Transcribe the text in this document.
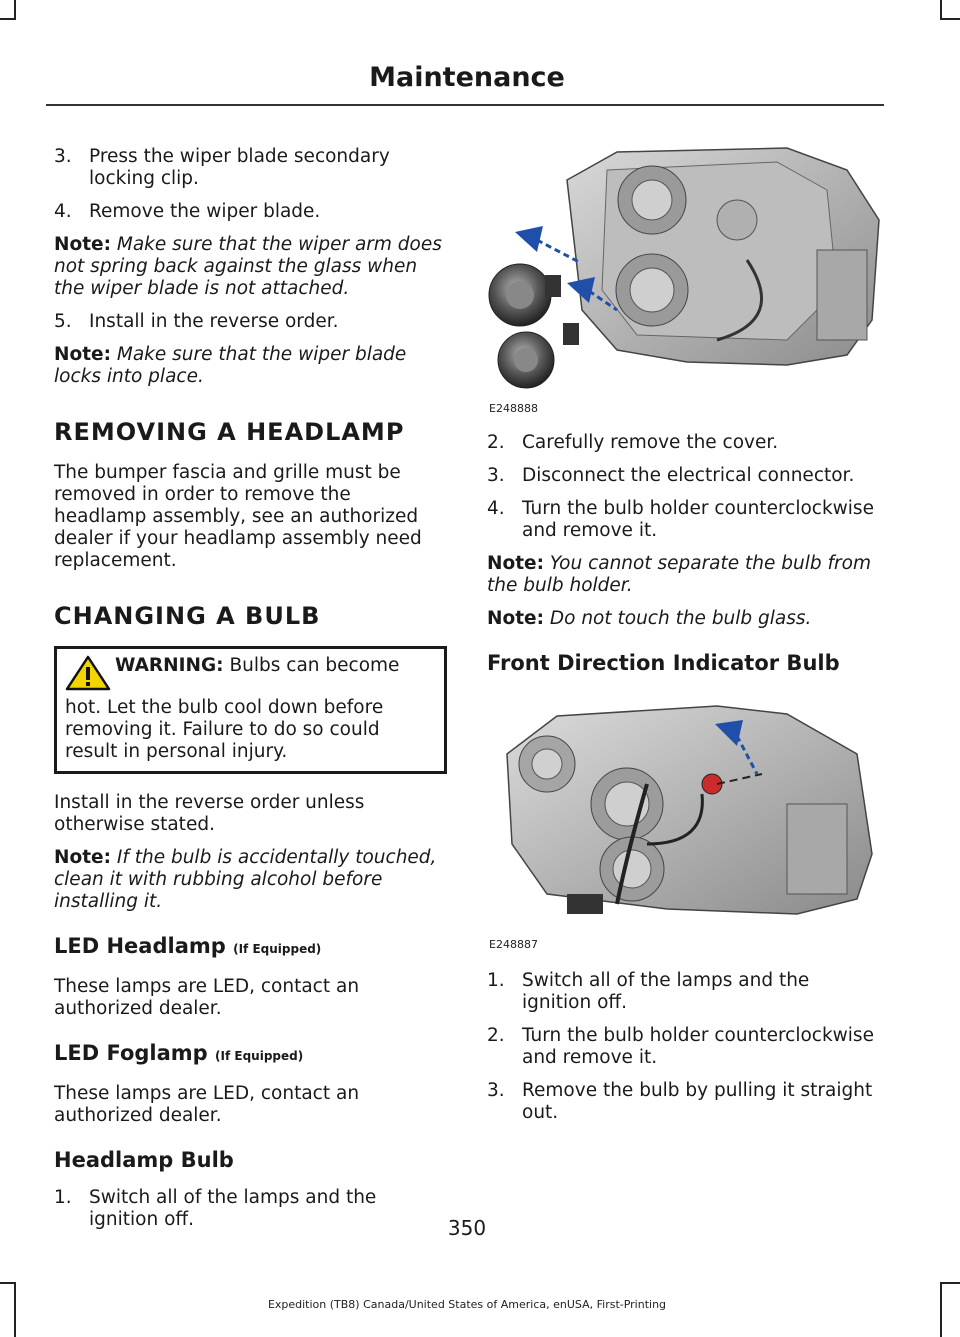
Maintenance
3. Press the wiper blade secondary locking clip.
4. Remove the wiper blade.
Note: Make sure that the wiper arm does not spring back against the glass when the wiper blade is not attached.
5. Install in the reverse order.
Note: Make sure that the wiper blade locks into place.
REMOVING A HEADLAMP
The bumper fascia and grille must be removed in order to remove the headlamp assembly, see an authorized dealer if your headlamp assembly need replacement.
CHANGING A BULB
WARNING: Bulbs can become hot. Let the bulb cool down before removing it. Failure to do so could result in personal injury.
Install in the reverse order unless otherwise stated.
Note: If the bulb is accidentally touched, clean it with rubbing alcohol before installing it.
LED Headlamp (If Equipped)
These lamps are LED, contact an authorized dealer.
LED Foglamp (If Equipped)
These lamps are LED, contact an authorized dealer.
Headlamp Bulb
1. Switch all of the lamps and the ignition off.
E248888
2. Carefully remove the cover.
3. Disconnect the electrical connector.
4. Turn the bulb holder counterclockwise and remove it.
Note: You cannot separate the bulb from the bulb holder.
Note: Do not touch the bulb glass.
Front Direction Indicator Bulb
E248887
1. Switch all of the lamps and the ignition off.
2. Turn the bulb holder counterclockwise and remove it.
3. Remove the bulb by pulling it straight out.
350
Expedition (TB8) Canada/United States of America, enUSA, First-Printing
